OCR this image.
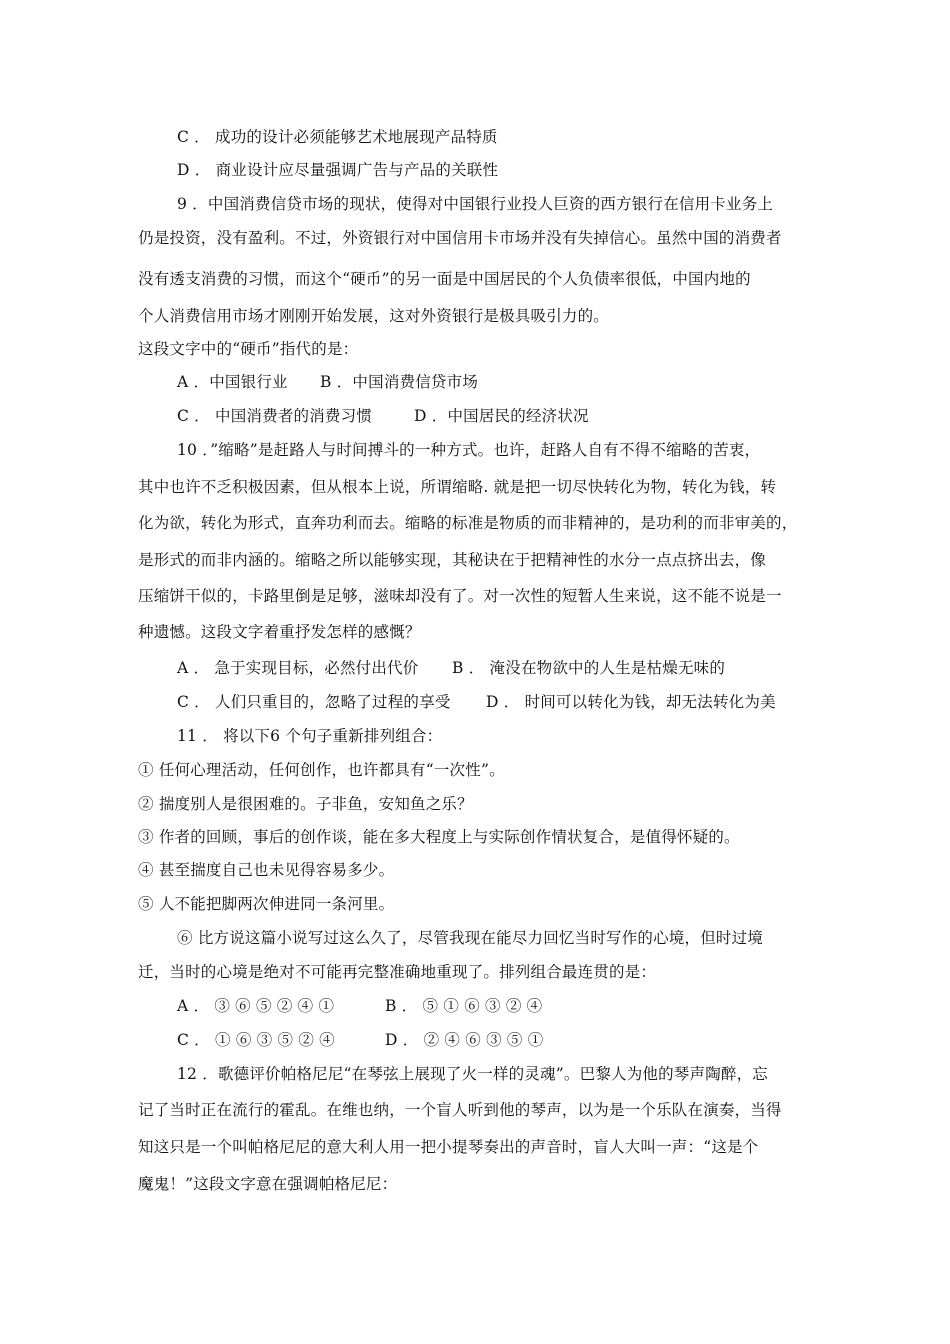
C ． 成功的设计必须能够艺术地展现产品特质
D ． 商业设计应尽量强调广告与产品的关联性
9 ．中国消费信贷市场的现状，使得对中国银行业投人巨资的西方银行在信用卡业务上
仍是投资，没有盈利。不过，外资银行对中国信用卡市场并没有失掉信心。虽然中国的消费者
没有透支消费的习惯，而这个“硬币”的另一面是中国居民的个人负债率很低，中国内地的
个人消费信用市场才刚刚开始发展，这对外资银行是极具吸引力的。
这段文字中的“硬币”指代的是：
A ．中国银行业 B ．中国消费信贷市场
C ． 中国消费者的消费习惯	D ．中国居民的经济状况
10 ．”缩略”是赶路人与时间搏斗的一种方式。也许，赶路人自有不得不缩略的苦衷，
其中也许不乏积极因素，但从根本上说，所谓缩略. 就是把一切尽快转化为物，转化为钱，转
化为欲，转化为形式，直奔功利而去。缩略的标准是物质的而非精神的，是功利的而非审美的，
是形式的而非内涵的。缩略之所以能够实现，其秘诀在于把精神性的水分一点点挤出去，像
压缩饼干似的，卡路里倒是足够，滋味却没有了。对一次性的短暂人生来说，这不能不说是一
种遗憾。这段文字着重抒发怎样的感慨？
A ． 急于实现目标，必然付出代价 B ． 淹没在物欲中的人生是枯燥无味的
C ． 人们只重目的，忽略了过程的享受 D ． 时间可以转化为钱，却无法转化为美
11 ． 将以下6 个句子重新排列组合：
① 任何心理活动，任何创作，也许都具有“一次性”。
② 揣度别人是很困难的。子非鱼，安知鱼之乐？
③ 作者的回顾，事后的创作谈，能在多大程度上与实际创作情状复合，是值得怀疑的。
④ 甚至揣度自己也未见得容易多少。
⑤ 人不能把脚两次伸进同一条河里。
⑥ 比方说这篇小说写过这么久了，尽管我现在能尽力回忆当时写作的心境，但时过境
迁，当时的心境是绝对不可能再完整准确地重现了。排列组合最连贯的是：
A ． ③ ⑥ ⑤ ② ④ ①	B ． ⑤ ① ⑥ ③ ② ④
C ． ① ⑥ ③ ⑤ ② ④	D ． ② ④ ⑥ ③ ⑤ ①
12 ．歌德评价帕格尼尼“在琴弦上展现了火一样的灵魂”。巴黎人为他的琴声陶醉，忘
记了当时正在流行的霍乱。在维也纳，一个盲人听到他的琴声，以为是一个乐队在演奏，当得
知这只是一个叫帕格尼尼的意大利人用一把小提琴奏出的声音时，盲人大叫一声：“这是个
魔鬼！”这段文字意在强调帕格尼尼：
